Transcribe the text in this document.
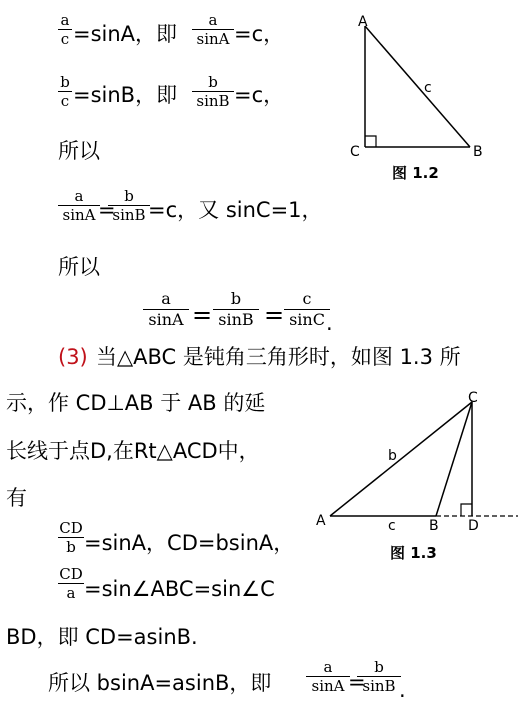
a
c =sinA，即
a
sinA =c，
b
c =sinB，即
b
sinB =c，
所以
a
sinA =
b
sinB =c，又 sinC=1，
所以
a
sinA =
b
sinB =
c
sinC .
(3) 当△ABC 是钝角三角形时，如图 1.3 所
示，作 CD⊥AB 于 AB 的延
长线于点D,在Rt△ACD中，
有
CD
b =sinA，CD=bsinA，
CD
a =sin∠ABC=sin∠C
BD，即 CD=asinB.
所以 bsinA=asinB，即
a
sinA =
b
sinB .
A
C	B
c
图 1.2
C
A	B D
b
c
图 1.3
